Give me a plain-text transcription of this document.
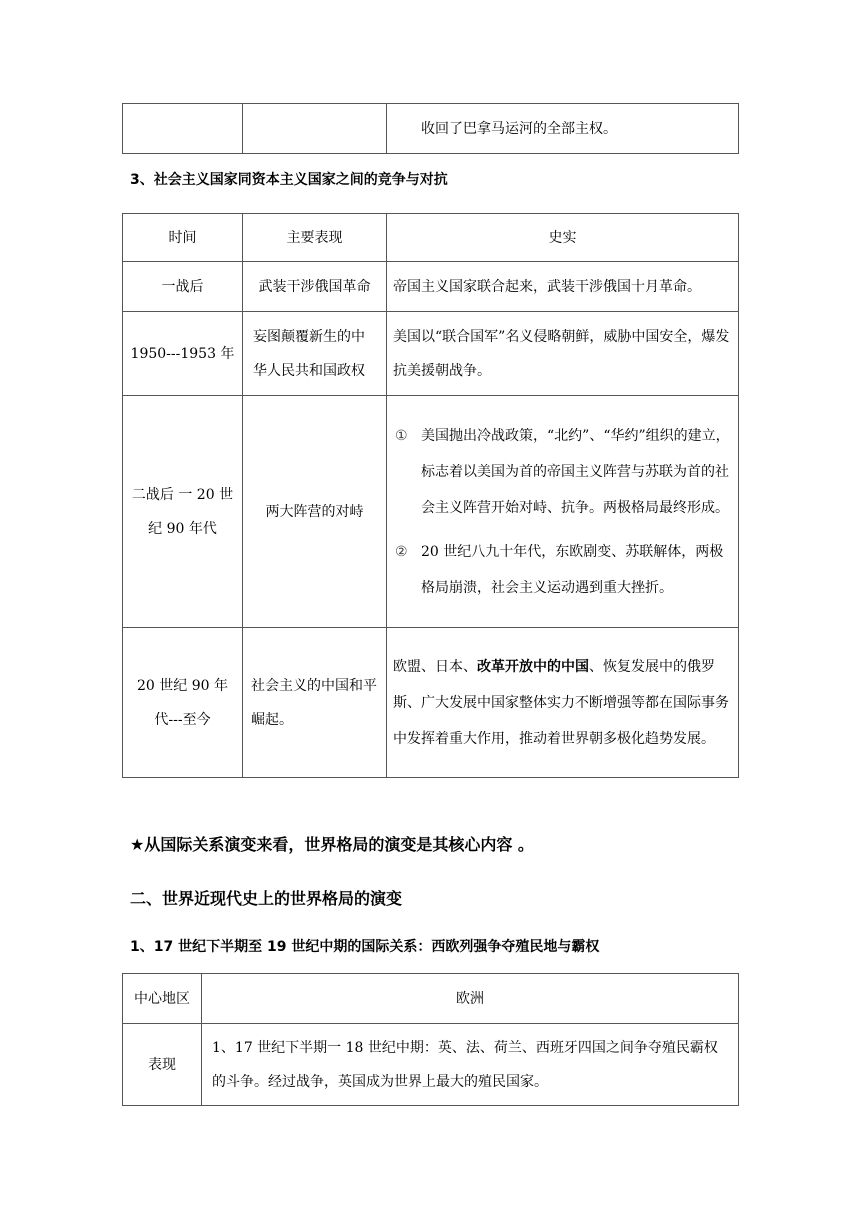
		收回了巴拿马运河的全部主权。
3、社会主义国家同资本主义国家之间的竞争与对抗
时间	主要表现	史实
一战后	武装干涉俄国革命	帝国主义国家联合起来，武装干涉俄国十月革命。
1950---1953 年	妄图颠覆新生的中华人民共和国政权	美国以“联合国军”名义侵略朝鲜，威胁中国安全，爆发抗美援朝战争。
二战后 一 20 世纪 90 年代	两大阵营的对峙	① 美国抛出冷战政策，“北约”、“华约”组织的建立，标志着以美国为首的帝国主义阵营与苏联为首的社会主义阵营开始对峙、抗争。两极格局最终形成。
② 20 世纪八九十年代，东欧剧变、苏联解体，两极格局崩溃，社会主义运动遇到重大挫折。

20 世纪 90 年代---至今	社会主义的中国和平崛起。	欧盟、日本、改革开放中的中国、恢复发展中的俄罗斯、广大发展中国家整体实力不断增强等都在国际事务中发挥着重大作用，推动着世界朝多极化趋势发展。
★从国际关系演变来看，世界格局的演变是其核心内容 。
二、世界近现代史上的世界格局的演变
1、17 世纪下半期至 19 世纪中期的国际关系：西欧列强争夺殖民地与霸权
中心地区	欧洲
表现	1、17 世纪下半期一 18 世纪中期：英、法、荷兰、西班牙四国之间争夺殖民霸权的斗争。经过战争，英国成为世界上最大的殖民国家。
